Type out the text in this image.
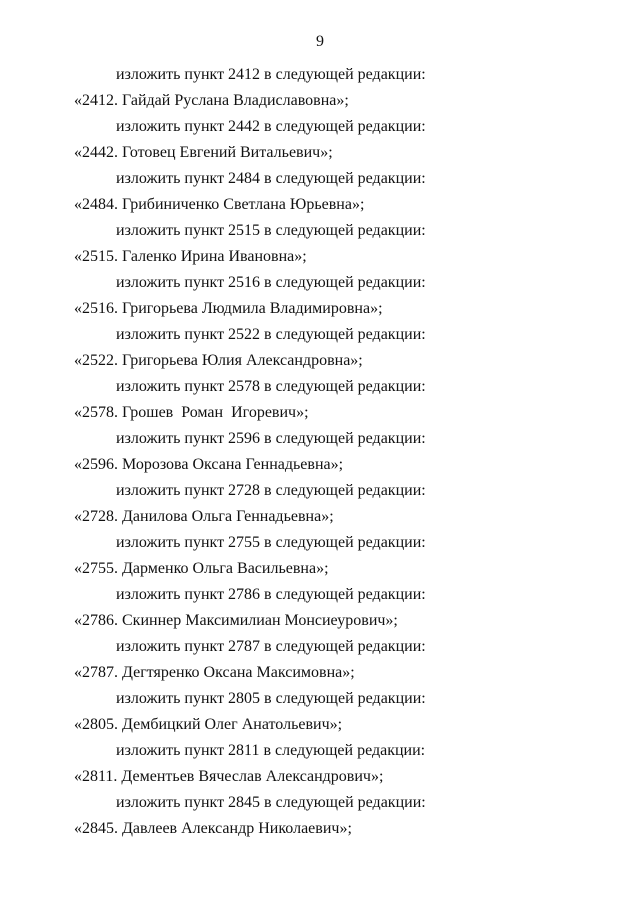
9
изложить пункт 2412 в следующей редакции:
«2412. Гайдай Руслана Владиславовна»;
изложить пункт 2442 в следующей редакции:
«2442. Готовец Евгений Витальевич»;
изложить пункт 2484 в следующей редакции:
«2484. Грибиниченко Светлана Юрьевна»;
изложить пункт 2515 в следующей редакции:
«2515. Галенко Ирина Ивановна»;
изложить пункт 2516 в следующей редакции:
«2516. Григорьева Людмила Владимировна»;
изложить пункт 2522 в следующей редакции:
«2522. Григорьева Юлия Александровна»;
изложить пункт 2578 в следующей редакции:
«2578. Грошев  Роман  Игоревич»;
изложить пункт 2596 в следующей редакции:
«2596. Морозова Оксана Геннадьевна»;
изложить пункт 2728 в следующей редакции:
«2728. Данилова Ольга Геннадьевна»;
изложить пункт 2755 в следующей редакции:
«2755. Дарменко Ольга Васильевна»;
изложить пункт 2786 в следующей редакции:
«2786. Скиннер Максимилиан Монсиеурович»;
изложить пункт 2787 в следующей редакции:
«2787. Дегтяренко Оксана Максимовна»;
изложить пункт 2805 в следующей редакции:
«2805. Дембицкий Олег Анатольевич»;
изложить пункт 2811 в следующей редакции:
«2811. Дементьев Вячеслав Александрович»;
изложить пункт 2845 в следующей редакции:
«2845. Давлеев Александр Николаевич»;
